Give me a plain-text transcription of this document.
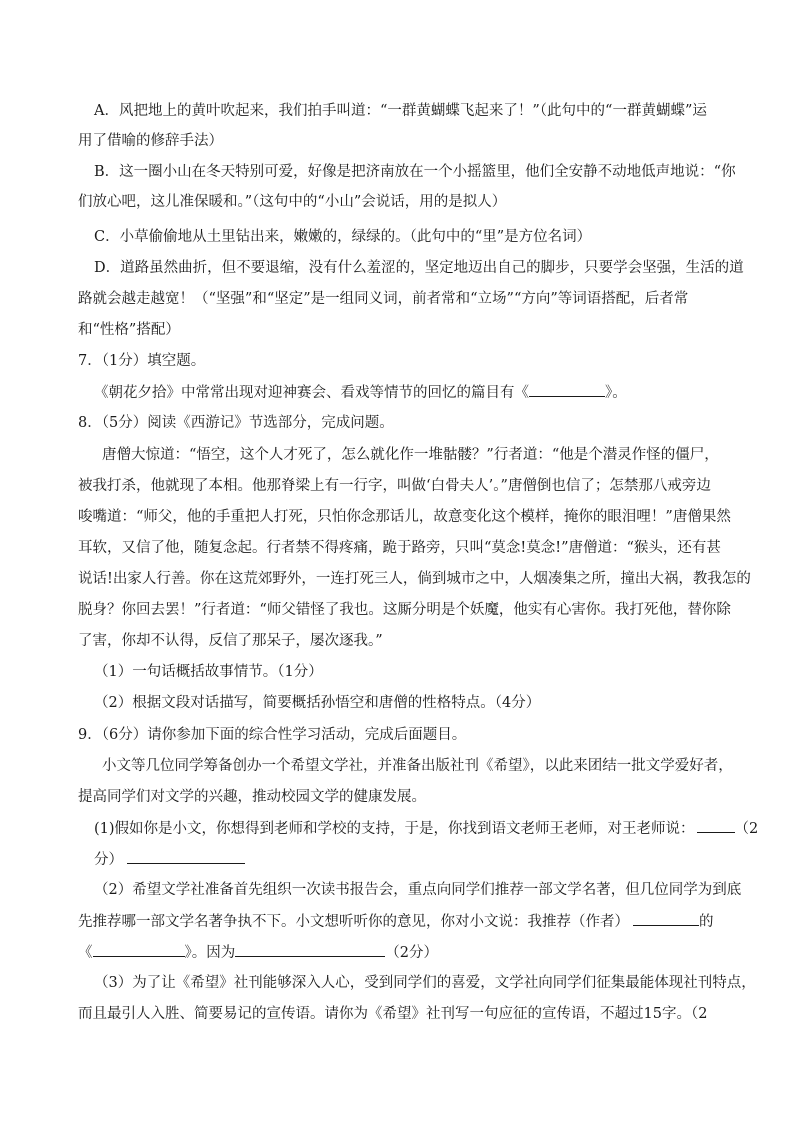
A．风把地上的黄叶吹起来，我们拍手叫道：“一群黄蝴蝶飞起来了！”（此句中的“一群黄蝴蝶”运
用了借喻的修辞手法）
B．这一圈小山在冬天特别可爱，好像是把济南放在一个小摇篮里，他们全安静不动地低声地说：“你
们放心吧，这儿准保暖和。”（这句中的“小山”会说话，用的是拟人）
C．小草偷偷地从土里钻出来，嫩嫩的，绿绿的。（此句中的“里”是方位名词）
D．道路虽然曲折，但不要退缩，没有什么羞涩的，坚定地迈出自己的脚步，只要学会坚强，生活的道
路就会越走越宽！（“坚强”和“坚定”是一组同义词，前者常和“立场”“方向”等词语搭配，后者常
和“性格”搭配）
7．（1分）填空题。
《朝花夕拾》中常常出现对迎神赛会、看戏等情节的回忆的篇目有《	》。
8．（5分）阅读《西游记》节选部分，完成问题。
唐僧大惊道：“悟空，这个人才死了，怎么就化作一堆骷髅？”行者道：“他是个潜灵作怪的僵尸，
被我打杀，他就现了本相。他那脊梁上有一行字，叫做‘白骨夫人’。”唐僧倒也信了；怎禁那八戒旁边
唆嘴道：“师父，他的手重把人打死，只怕你念那话儿，故意变化这个模样，掩你的眼泪哩！”唐僧果然
耳软，又信了他，随复念起。行者禁不得疼痛，跪于路旁，只叫“莫念!莫念!”唐僧道：“猴头，还有甚
说话!出家人行善。你在这荒郊野外，一连打死三人，倘到城市之中，人烟凑集之所，撞出大祸，教我怎的
脱身？你回去罢！”行者道：“师父错怪了我也。这厮分明是个妖魔，他实有心害你。我打死他，替你除
了害，你却不认得，反信了那呆子，屡次逐我。”
（1）一句话概括故事情节。（1分）
（2）根据文段对话描写，简要概括孙悟空和唐僧的性格特点。（4分）
9．（6分）请你参加下面的综合性学习活动，完成后面题目。
小文等几位同学筹备创办一个希望文学社，并准备出版社刊《希望》，以此来团结一批文学爱好者，
提高同学们对文学的兴趣，推动校园文学的健康发展。
(1)假如你是小文，你想得到老师和学校的支持，于是，你找到语文老师王老师，对王老师说：	（2
分）
（2）希望文学社准备首先组织一次读书报告会，重点向同学们推荐一部文学名著，但几位同学为到底
先推荐哪一部文学名著争执不下。小文想听听你的意见，你对小文说：我推荐（作者）	的
《	》。因为	（2分）
（3）为了让《希望》社刊能够深入人心，受到同学们的喜爱，文学社向同学们征集最能体现社刊特点，
而且最引人入胜、简要易记的宣传语。请你为《希望》社刊写一句应征的宣传语，不超过15字。（2
